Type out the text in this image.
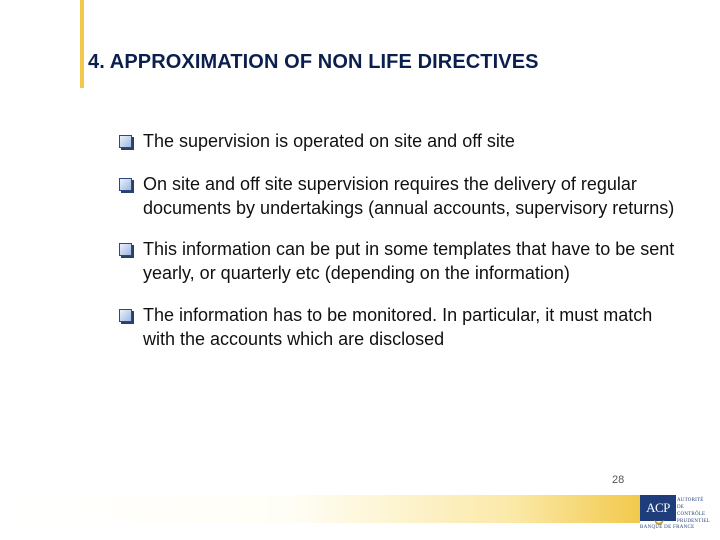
4. APPROXIMATION OF NON LIFE DIRECTIVES
The supervision is operated on site and off site
On site and off site supervision requires the delivery of regular documents by undertakings (annual accounts, supervisory returns)
This information can be put in some templates that have to be sent yearly, or quarterly etc (depending on the information)
The information has to be monitored. In particular, it must match with the accounts which are disclosed
28
ACP	AUTORITÉ
DE CONTRÔLE
PRUDENTIEL
BANQUE DE FRANCE
